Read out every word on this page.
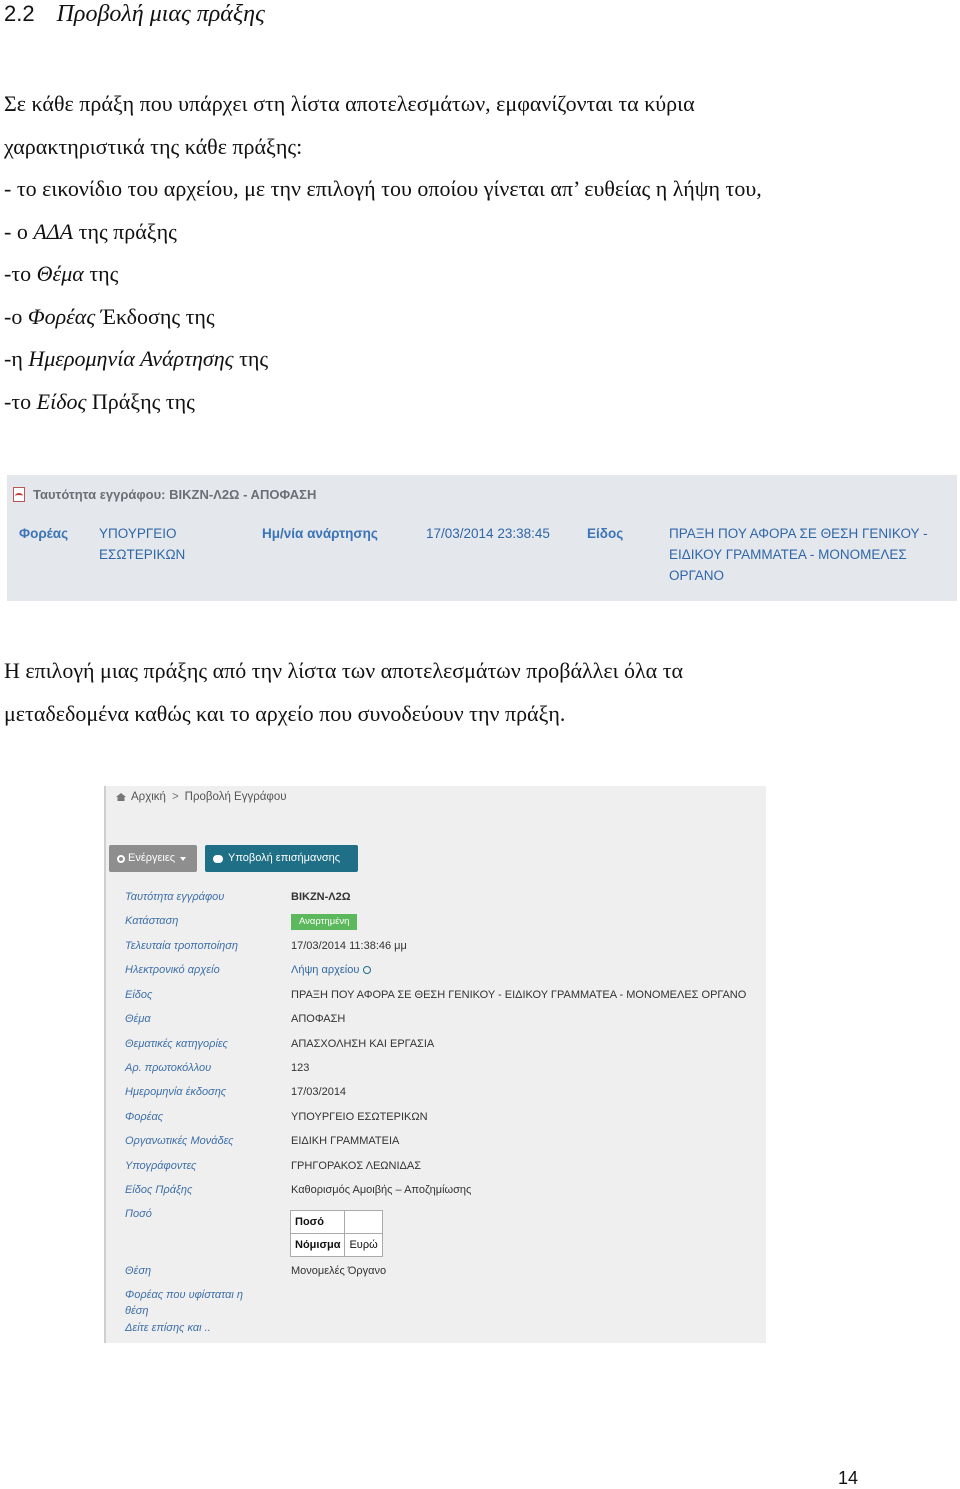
2.2 Προβολή μιας πράξης
Σε κάθε πράξη που υπάρχει στη λίστα αποτελεσμάτων, εμφανίζονται τα κύρια
χαρακτηριστικά της κάθε πράξης:
- το εικονίδιο του αρχείου, με την επιλογή του οποίου γίνεται απ’ ευθείας η λήψη του,
- ο ΑΔΑ της πράξης
-το Θέμα της
-ο Φορέας Έκδοσης της
-η Ημερομηνία Ανάρτησης της
-το Είδος Πράξης της
Ταυτότητα εγγράφου: ΒΙΚΖΝ-Λ2Ω - ΑΠΟΦΑΣΗ
Φορέας ΥΠΟΥΡΓΕΙΟ
ΕΣΩΤΕΡΙΚΩΝ
Ημ/νία ανάρτησης	17/03/2014 23:38:45	Είδος	ΠΡΑΞΗ ΠΟΥ ΑΦΟΡΑ ΣΕ ΘΕΣΗ ΓΕΝΙΚΟΥ -
ΕΙΔΙΚΟΥ ΓΡΑΜΜΑΤΕΑ - ΜΟΝΟΜΕΛΕΣ
ΟΡΓΑΝΟ
Η επιλογή μιας πράξης από την λίστα των αποτελεσμάτων προβάλλει όλα τα
μεταδεδομένα καθώς και το αρχείο που συνοδεύουν την πράξη.
Αρχική > Προβολή Εγγράφου
Ενέργειες	Υποβολή επισήμανσης
Ταυτότητα εγγράφου	ΒΙΚΖΝ-Λ2Ω
Κατάσταση	Αναρτημένη
Τελευταία τροποποίηση	17/03/2014 11:38:46 μμ
Ηλεκτρονικό αρχείο	Λήψη αρχείου
Είδος	ΠΡΑΞΗ ΠΟΥ ΑΦΟΡΑ ΣΕ ΘΕΣΗ ΓΕΝΙΚΟΥ - ΕΙΔΙΚΟΥ ΓΡΑΜΜΑΤΕΑ - ΜΟΝΟΜΕΛΕΣ ΟΡΓΑΝΟ
Θέμα	ΑΠΟΦΑΣΗ
Θεματικές κατηγορίες	ΑΠΑΣΧΟΛΗΣΗ ΚΑΙ ΕΡΓΑΣΙΑ
Αρ. πρωτοκόλλου	123
Ημερομηνία έκδοσης	17/03/2014
Φορέας	ΥΠΟΥΡΓΕΙΟ ΕΣΩΤΕΡΙΚΩΝ
Οργανωτικές Μονάδες	ΕΙΔΙΚΗ ΓΡΑΜΜΑΤΕΙΑ
Υπογράφοντες	ΓΡΗΓΟΡΑΚΟΣ ΛΕΩΝΙΔΑΣ
Είδος Πράξης	Καθορισμός Αμοιβής – Αποζημίωσης
Ποσό
Ποσό	
Νόμισμα	Ευρώ
Θέση	Μονομελές Όργανο
Φορέας που υφίσταται η
θέση
Δείτε επίσης και ..
14
